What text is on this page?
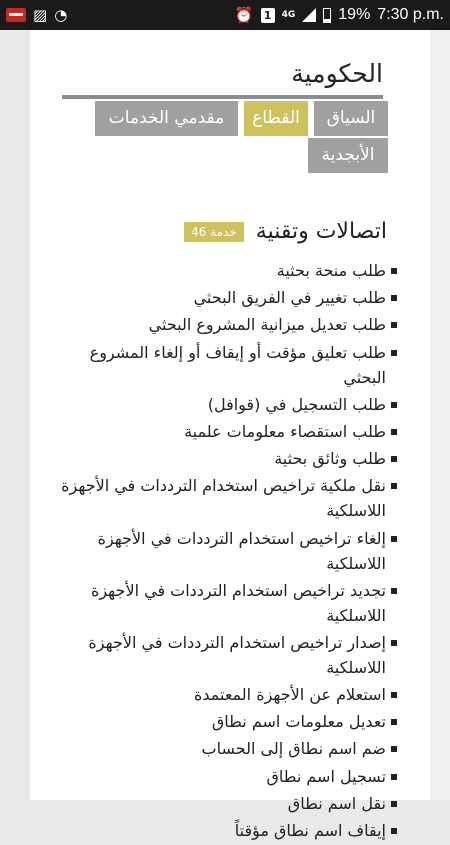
▨ ◔	⏰ 1	4G	19% 7:30 p.m.
الحكومية
السياق
القطاع
مقدمي الخدمات
الأبجدية
اتصالات وتقنية
خدمة 46
طلب منحة بحثية
طلب تغيير في الفريق البحثي
طلب تعديل ميزانية المشروع البحثي
طلب تعليق مؤقت أو إيقاف أو إلغاء المشروع البحثي
طلب التسجيل في (قوافل)
طلب استقصاء معلومات علمية
طلب وثائق بحثية
نقل ملكية تراخيص استخدام الترددات في الأجهزة اللاسلكية
إلغاء تراخيص استخدام الترددات في الأجهزة اللاسلكية
تجديد تراخيص استخدام الترددات في الأجهزة اللاسلكية
إصدار تراخيص استخدام الترددات في الأجهزة اللاسلكية
استعلام عن الأجهزة المعتمدة
تعديل معلومات اسم نطاق
ضم اسم نطاق إلى الحساب
تسجيل اسم نطاق
نقل اسم نطاق
إيقاف اسم نطاق مؤقتاً
